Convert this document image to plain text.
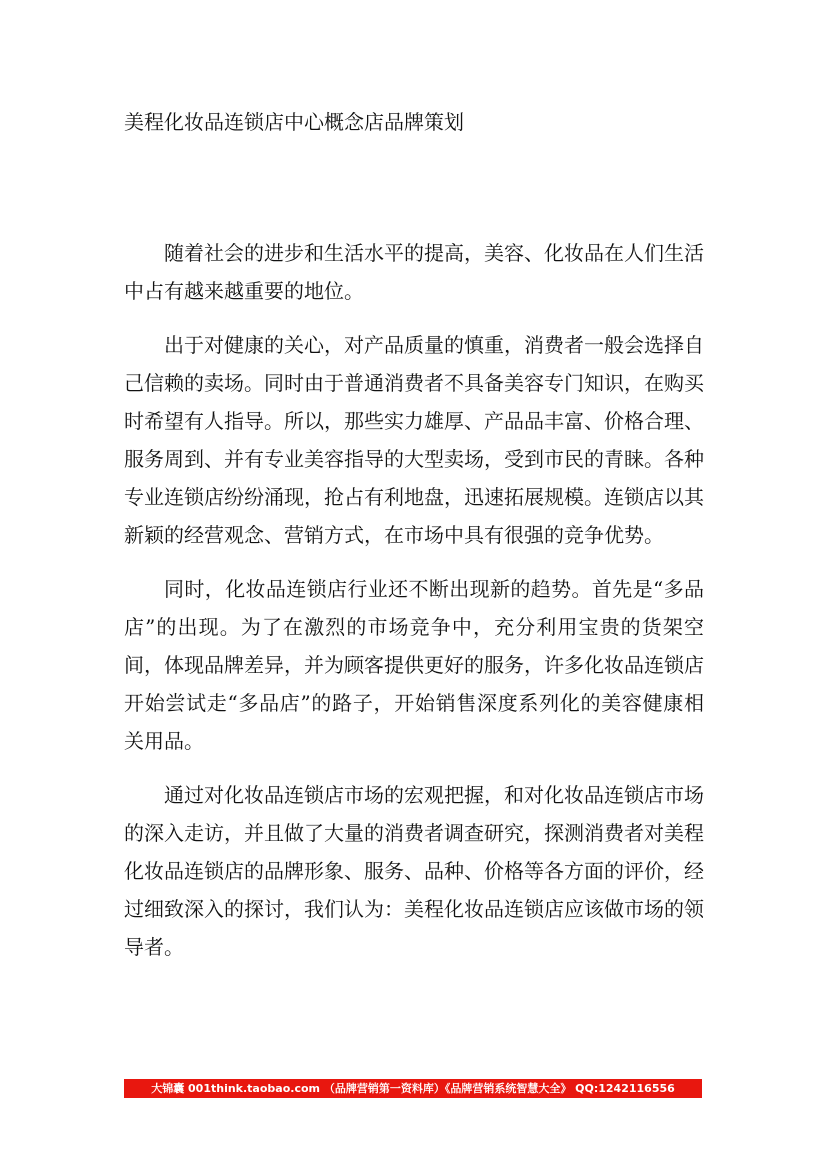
美程化妆品连锁店中心概念店品牌策划

随着社会的进步和生活水平的提高，美容、化妆品在人们生活中占有越来越重要的地位。

出于对健康的关心，对产品质量的慎重，消费者一般会选择自己信赖的卖场。同时由于普通消费者不具备美容专门知识，在购买时希望有人指导。所以，那些实力雄厚、产品品丰富、价格合理、服务周到、并有专业美容指导的大型卖场，受到市民的青睐。各种专业连锁店纷纷涌现，抢占有利地盘，迅速拓展规模。连锁店以其新颖的经营观念、营销方式，在市场中具有很强的竞争优势。

同时，化妆品连锁店行业还不断出现新的趋势。首先是“多品店”的出现。为了在激烈的市场竞争中，充分利用宝贵的货架空间，体现品牌差异，并为顾客提供更好的服务，许多化妆品连锁店开始尝试走“多品店”的路子，开始销售深度系列化的美容健康相关用品。

通过对化妆品连锁店市场的宏观把握，和对化妆品连锁店市场的深入走访，并且做了大量的消费者调查研究，探测消费者对美程化妆品连锁店的品牌形象、服务、品种、价格等各方面的评价，经过细致深入的探讨，我们认为：美程化妆品连锁店应该做市场的领导者。

大锦囊 001think.taobao.com （品牌营销第一资料库）《品牌营销系统智慧大全》 QQ:1242116556
